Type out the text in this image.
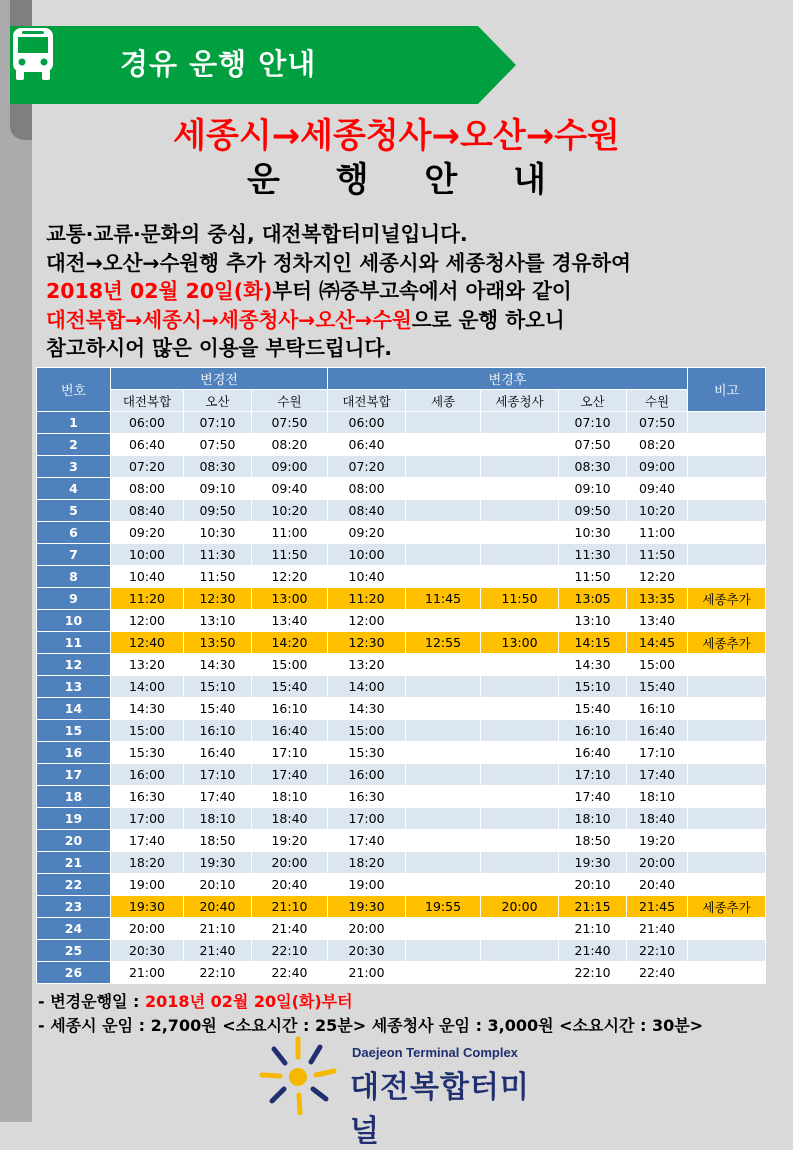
경유 운행 안내
세종시→세종청사→오산→수원
운 행 안 내
교통·교류·문화의 중심, 대전복합터미널입니다.
대전→오산→수원행 추가 정차지인 세종시와 세종청사를 경유하여
2018년 02월 20일(화)부터 ㈜중부고속에서 아래와 같이
대전복합→세종시→세종청사→오산→수원으로 운행 하오니
참고하시어 많은 이용을 부탁드립니다.
번호	변경전			변경후					비고
	대전복합	오산	수원	대전복합	세종	세종청사	오산	수원	
1	06:00	07:10	07:50	06:00			07:10	07:50	
2	06:40	07:50	08:20	06:40			07:50	08:20	
3	07:20	08:30	09:00	07:20			08:30	09:00	
4	08:00	09:10	09:40	08:00			09:10	09:40	
5	08:40	09:50	10:20	08:40			09:50	10:20	
6	09:20	10:30	11:00	09:20			10:30	11:00	
7	10:00	11:30	11:50	10:00			11:30	11:50	
8	10:40	11:50	12:20	10:40			11:50	12:20	
9	11:20	12:30	13:00	11:20	11:45	11:50	13:05	13:35	세종추가
10	12:00	13:10	13:40	12:00			13:10	13:40	
11	12:40	13:50	14:20	12:30	12:55	13:00	14:15	14:45	세종추가
12	13:20	14:30	15:00	13:20			14:30	15:00	
13	14:00	15:10	15:40	14:00			15:10	15:40	
14	14:30	15:40	16:10	14:30			15:40	16:10	
15	15:00	16:10	16:40	15:00			16:10	16:40	
16	15:30	16:40	17:10	15:30			16:40	17:10	
17	16:00	17:10	17:40	16:00			17:10	17:40	
18	16:30	17:40	18:10	16:30			17:40	18:10	
19	17:00	18:10	18:40	17:00			18:10	18:40	
20	17:40	18:50	19:20	17:40			18:50	19:20	
21	18:20	19:30	20:00	18:20			19:30	20:00	
22	19:00	20:10	20:40	19:00			20:10	20:40	
23	19:30	20:40	21:10	19:30	19:55	20:00	21:15	21:45	세종추가
24	20:00	21:10	21:40	20:00			21:10	21:40	
25	20:30	21:40	22:10	20:30			21:40	22:10	
26	21:00	22:10	22:40	21:00			22:10	22:40	
- 변경운행일 : 2018년 02월 20일(화)부터
- 세종시 운임 : 2,700원 <소요시간 : 25분> 세종청사 운임 : 3,000원 <소요시간 : 30분>
Daejeon Terminal Complex
대전복합터미널
